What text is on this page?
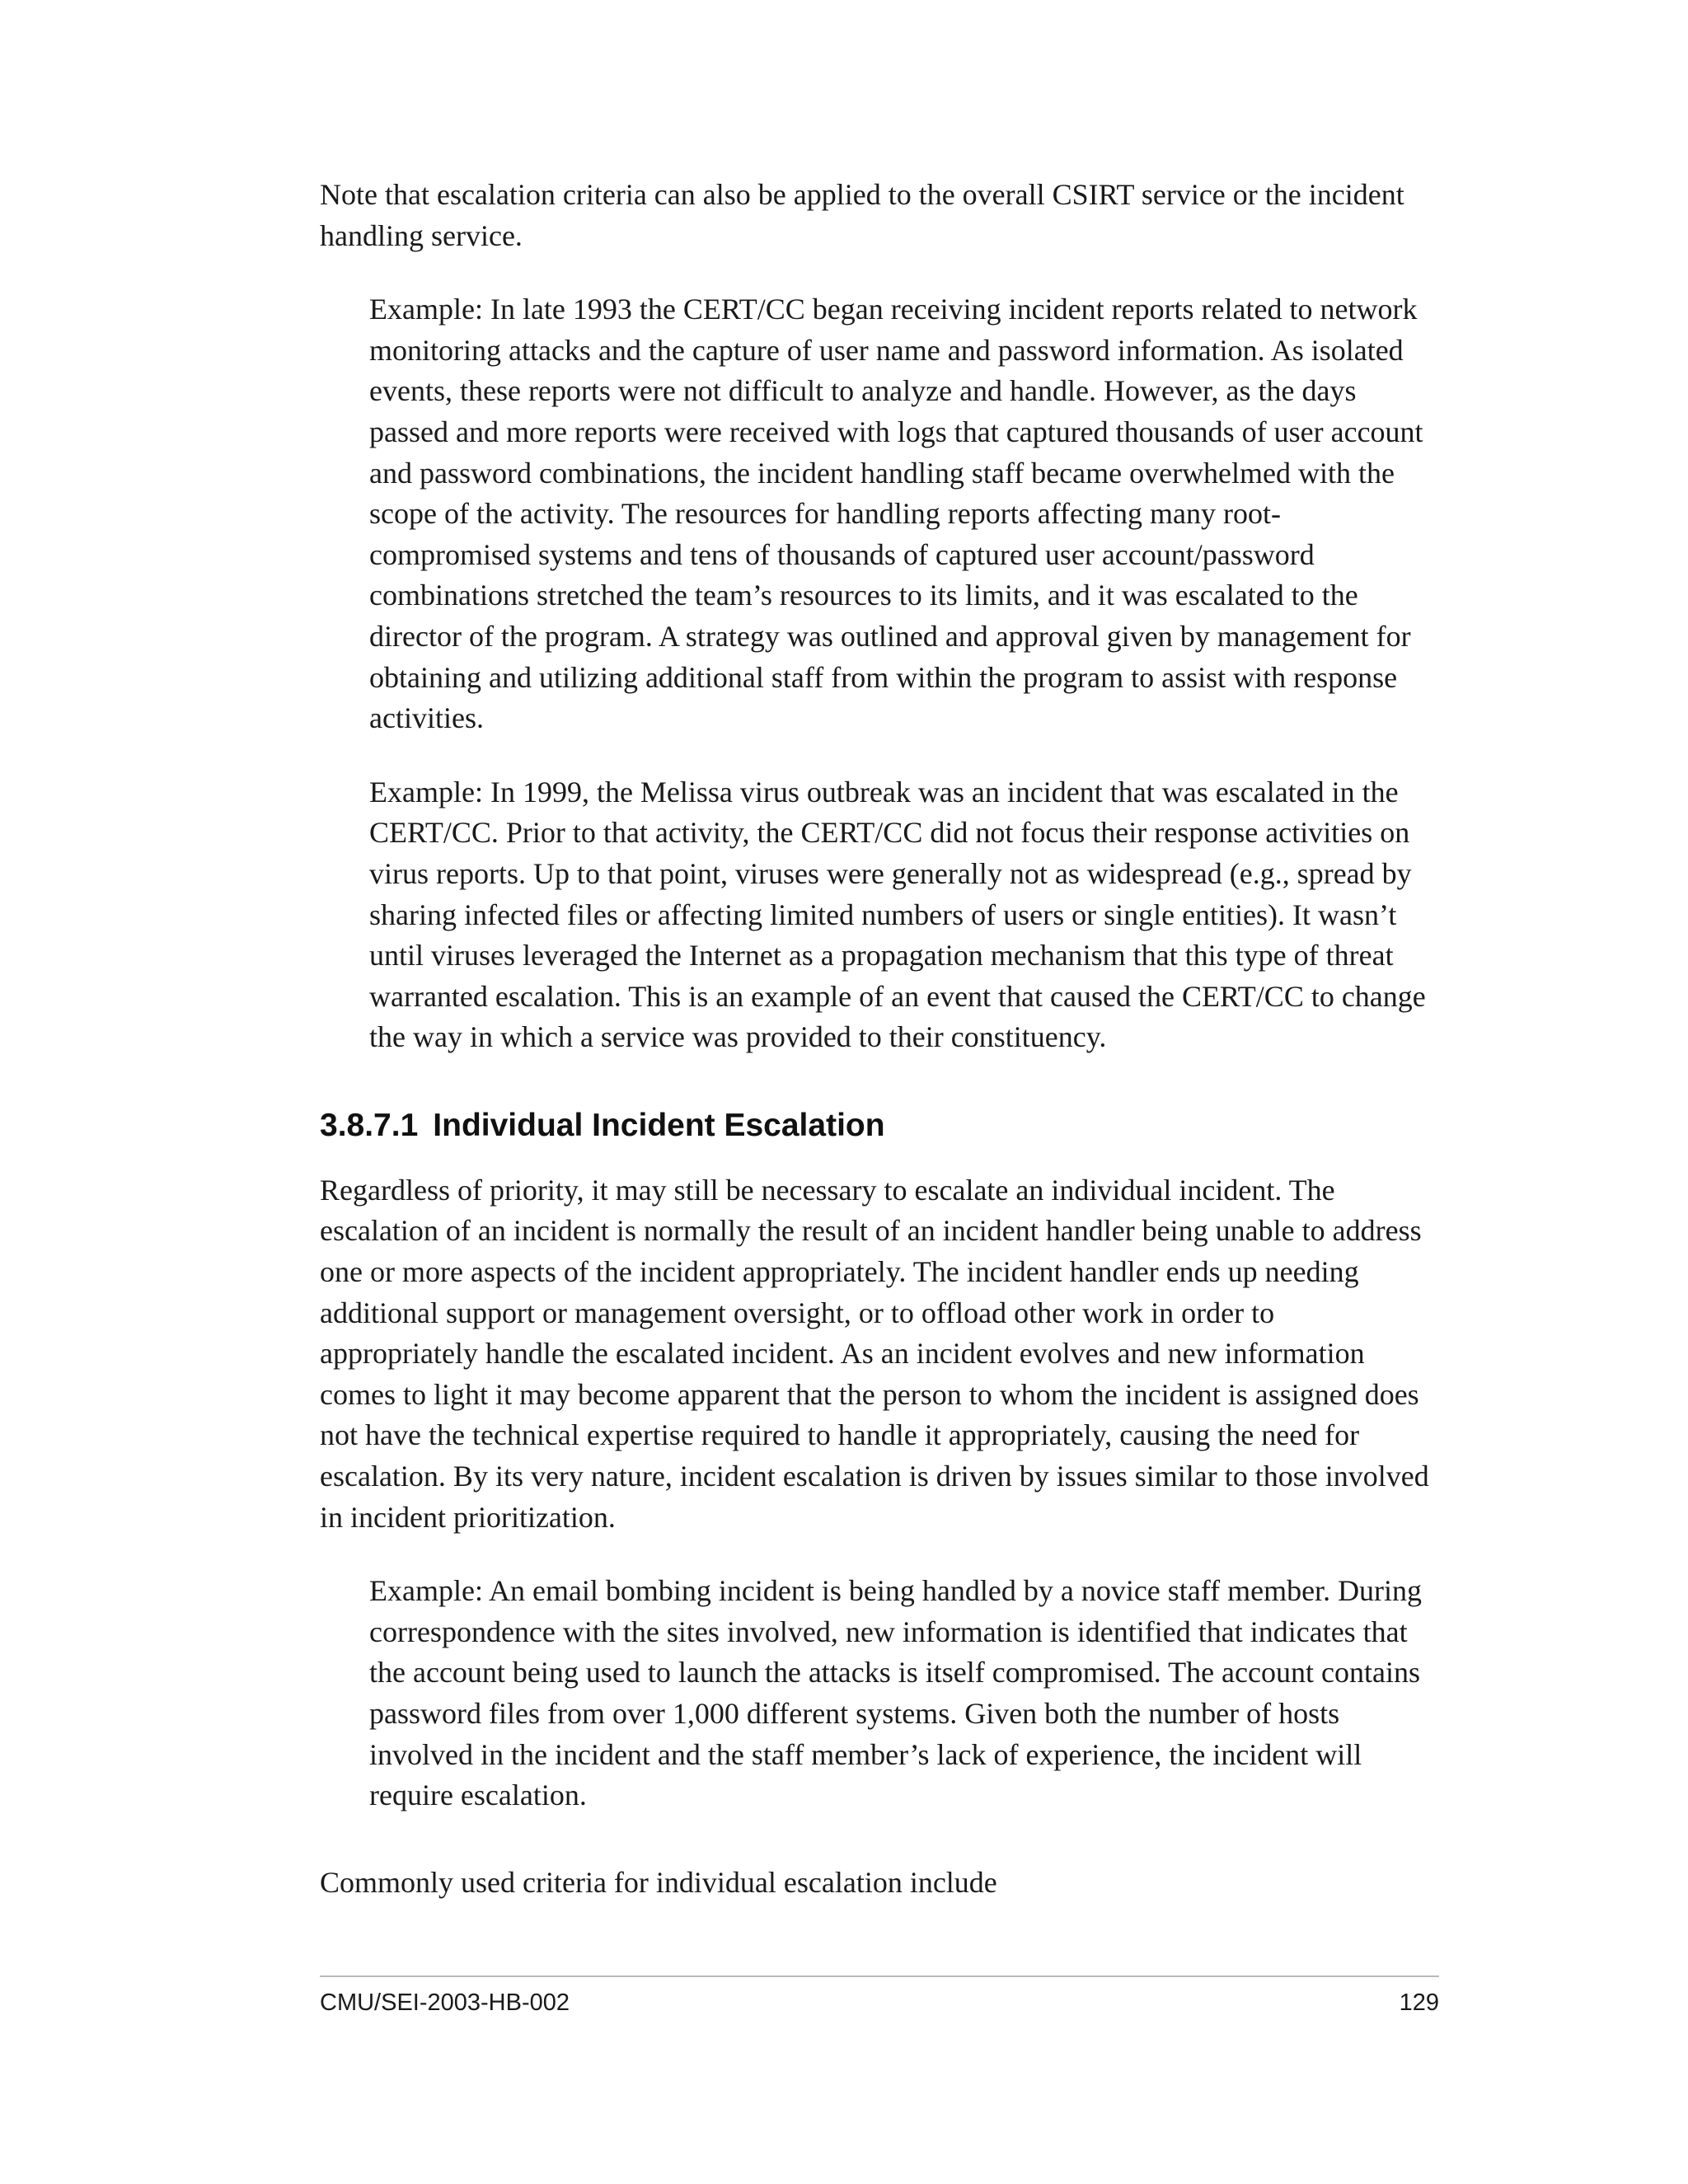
Note that escalation criteria can also be applied to the overall CSIRT service or the incident handling service.

Example: In late 1993 the CERT/CC began receiving incident reports related to network monitoring attacks and the capture of user name and password information. As isolated events, these reports were not difficult to analyze and handle. However, as the days passed and more reports were received with logs that captured thousands of user account and password combinations, the incident handling staff became overwhelmed with the scope of the activity. The resources for handling reports affecting many root-compromised systems and tens of thousands of captured user account/password combinations stretched the team’s resources to its limits, and it was escalated to the director of the program. A strategy was outlined and approval given by management for obtaining and utilizing additional staff from within the program to assist with response activities.

Example: In 1999, the Melissa virus outbreak was an incident that was escalated in the CERT/CC. Prior to that activity, the CERT/CC did not focus their response activities on virus reports. Up to that point, viruses were generally not as widespread (e.g., spread by sharing infected files or affecting limited numbers of users or single entities). It wasn’t until viruses leveraged the Internet as a propagation mechanism that this type of threat warranted escalation. This is an example of an event that caused the CERT/CC to change the way in which a service was provided to their constituency.

3.8.7.1 Individual Incident Escalation

Regardless of priority, it may still be necessary to escalate an individual incident. The escalation of an incident is normally the result of an incident handler being unable to address one or more aspects of the incident appropriately. The incident handler ends up needing additional support or management oversight, or to offload other work in order to appropriately handle the escalated incident. As an incident evolves and new information comes to light it may become apparent that the person to whom the incident is assigned does not have the technical expertise required to handle it appropriately, causing the need for escalation. By its very nature, incident escalation is driven by issues similar to those involved in incident prioritization.

Example: An email bombing incident is being handled by a novice staff member. During correspondence with the sites involved, new information is identified that indicates that the account being used to launch the attacks is itself compromised. The account contains password files from over 1,000 different systems. Given both the number of hosts involved in the incident and the staff member’s lack of experience, the incident will require escalation.

Commonly used criteria for individual escalation include

CMU/SEI-2003-HB-002	129
